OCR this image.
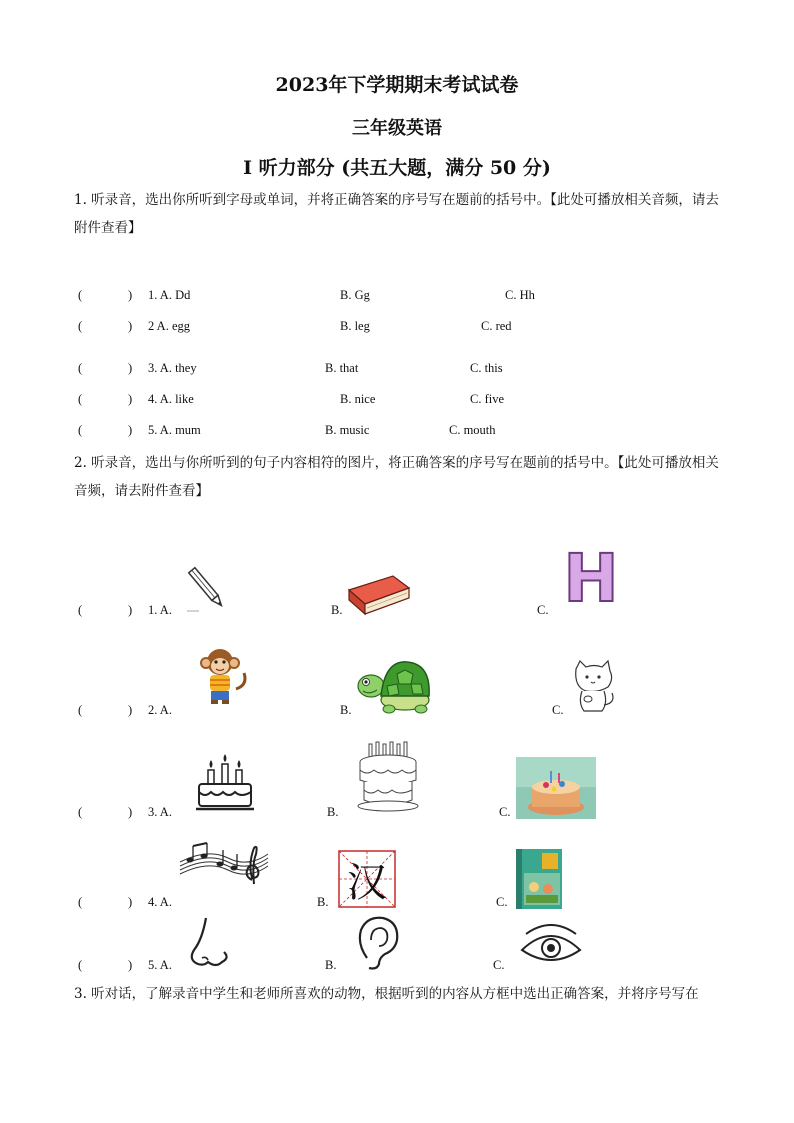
2023年下学期期末考试试卷
三年级英语
I 听力部分 (共五大题，满分 50 分)
1. 听录音，选出你所听到字母或单词，并将正确答案的序号写在题前的括号中。【此处可播放相关音频，请去附件查看】
(	) 1. A. Dd	B. Gg	C. Hh
(	) 2 A. egg	B. leg	C. red
(	) 3. A. they	B. that	C. this
(	) 4. A. like	B. nice	C. five
(	) 5. A. mum	B. music	C. mouth
2. 听录音，选出与你所听到的句子内容相符的图片，将正确答案的序号写在题前的括号中。【此处可播放相关音频，请去附件查看】
(	) 1. A.	B.	C. H
(	) 2. A.	B.	C.
(	) 3. A.	B.	C.
(	) 4. A.	B. 汉	C.
(	) 5. A.	B.	C.
3. 听对话，了解录音中学生和老师所喜欢的动物，根据听到的内容从方框中选出正确答案，并将序号写在
